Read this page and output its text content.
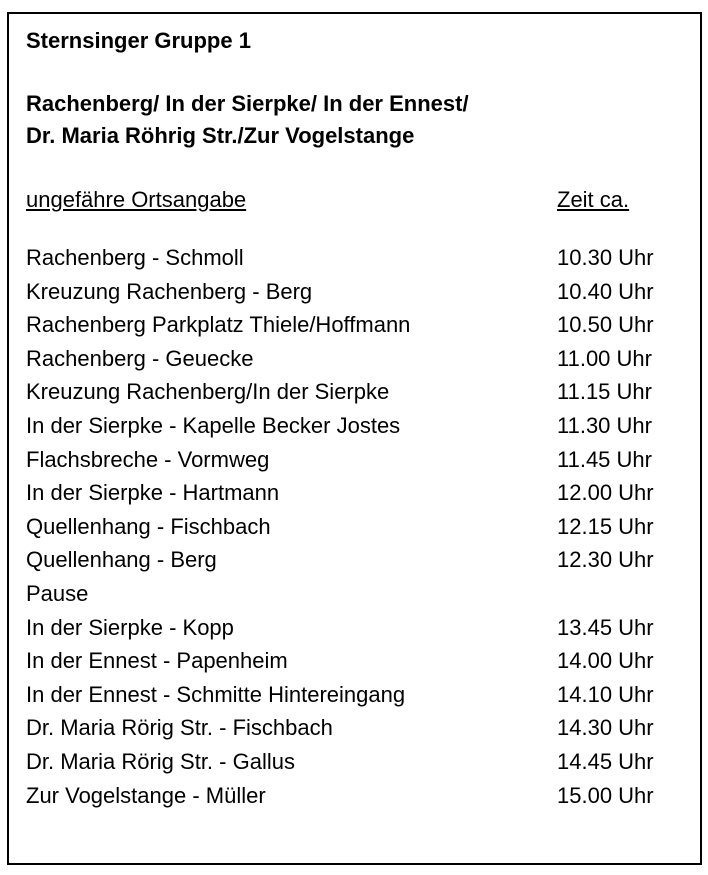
Sternsinger Gruppe 1
Rachenberg/ In der Sierpke/ In der Ennest/
Dr. Maria Röhrig Str./Zur Vogelstange
ungefähre Ortsangabe	Zeit ca.
Rachenberg - Schmoll	10.30 Uhr
Kreuzung Rachenberg - Berg	10.40 Uhr
Rachenberg Parkplatz Thiele/Hoffmann	10.50 Uhr
Rachenberg - Geuecke	11.00 Uhr
Kreuzung Rachenberg/In der Sierpke	11.15 Uhr
In der Sierpke - Kapelle Becker Jostes	11.30 Uhr
Flachsbreche - Vormweg	11.45 Uhr
In der Sierpke - Hartmann	12.00 Uhr
Quellenhang - Fischbach	12.15 Uhr
Quellenhang - Berg	12.30 Uhr
Pause
In der Sierpke - Kopp	13.45 Uhr
In der Ennest - Papenheim	14.00 Uhr
In der Ennest - Schmitte Hintereingang	14.10 Uhr
Dr. Maria Rörig Str. - Fischbach	14.30 Uhr
Dr. Maria Rörig Str. - Gallus	14.45 Uhr
Zur Vogelstange - Müller	15.00 Uhr
